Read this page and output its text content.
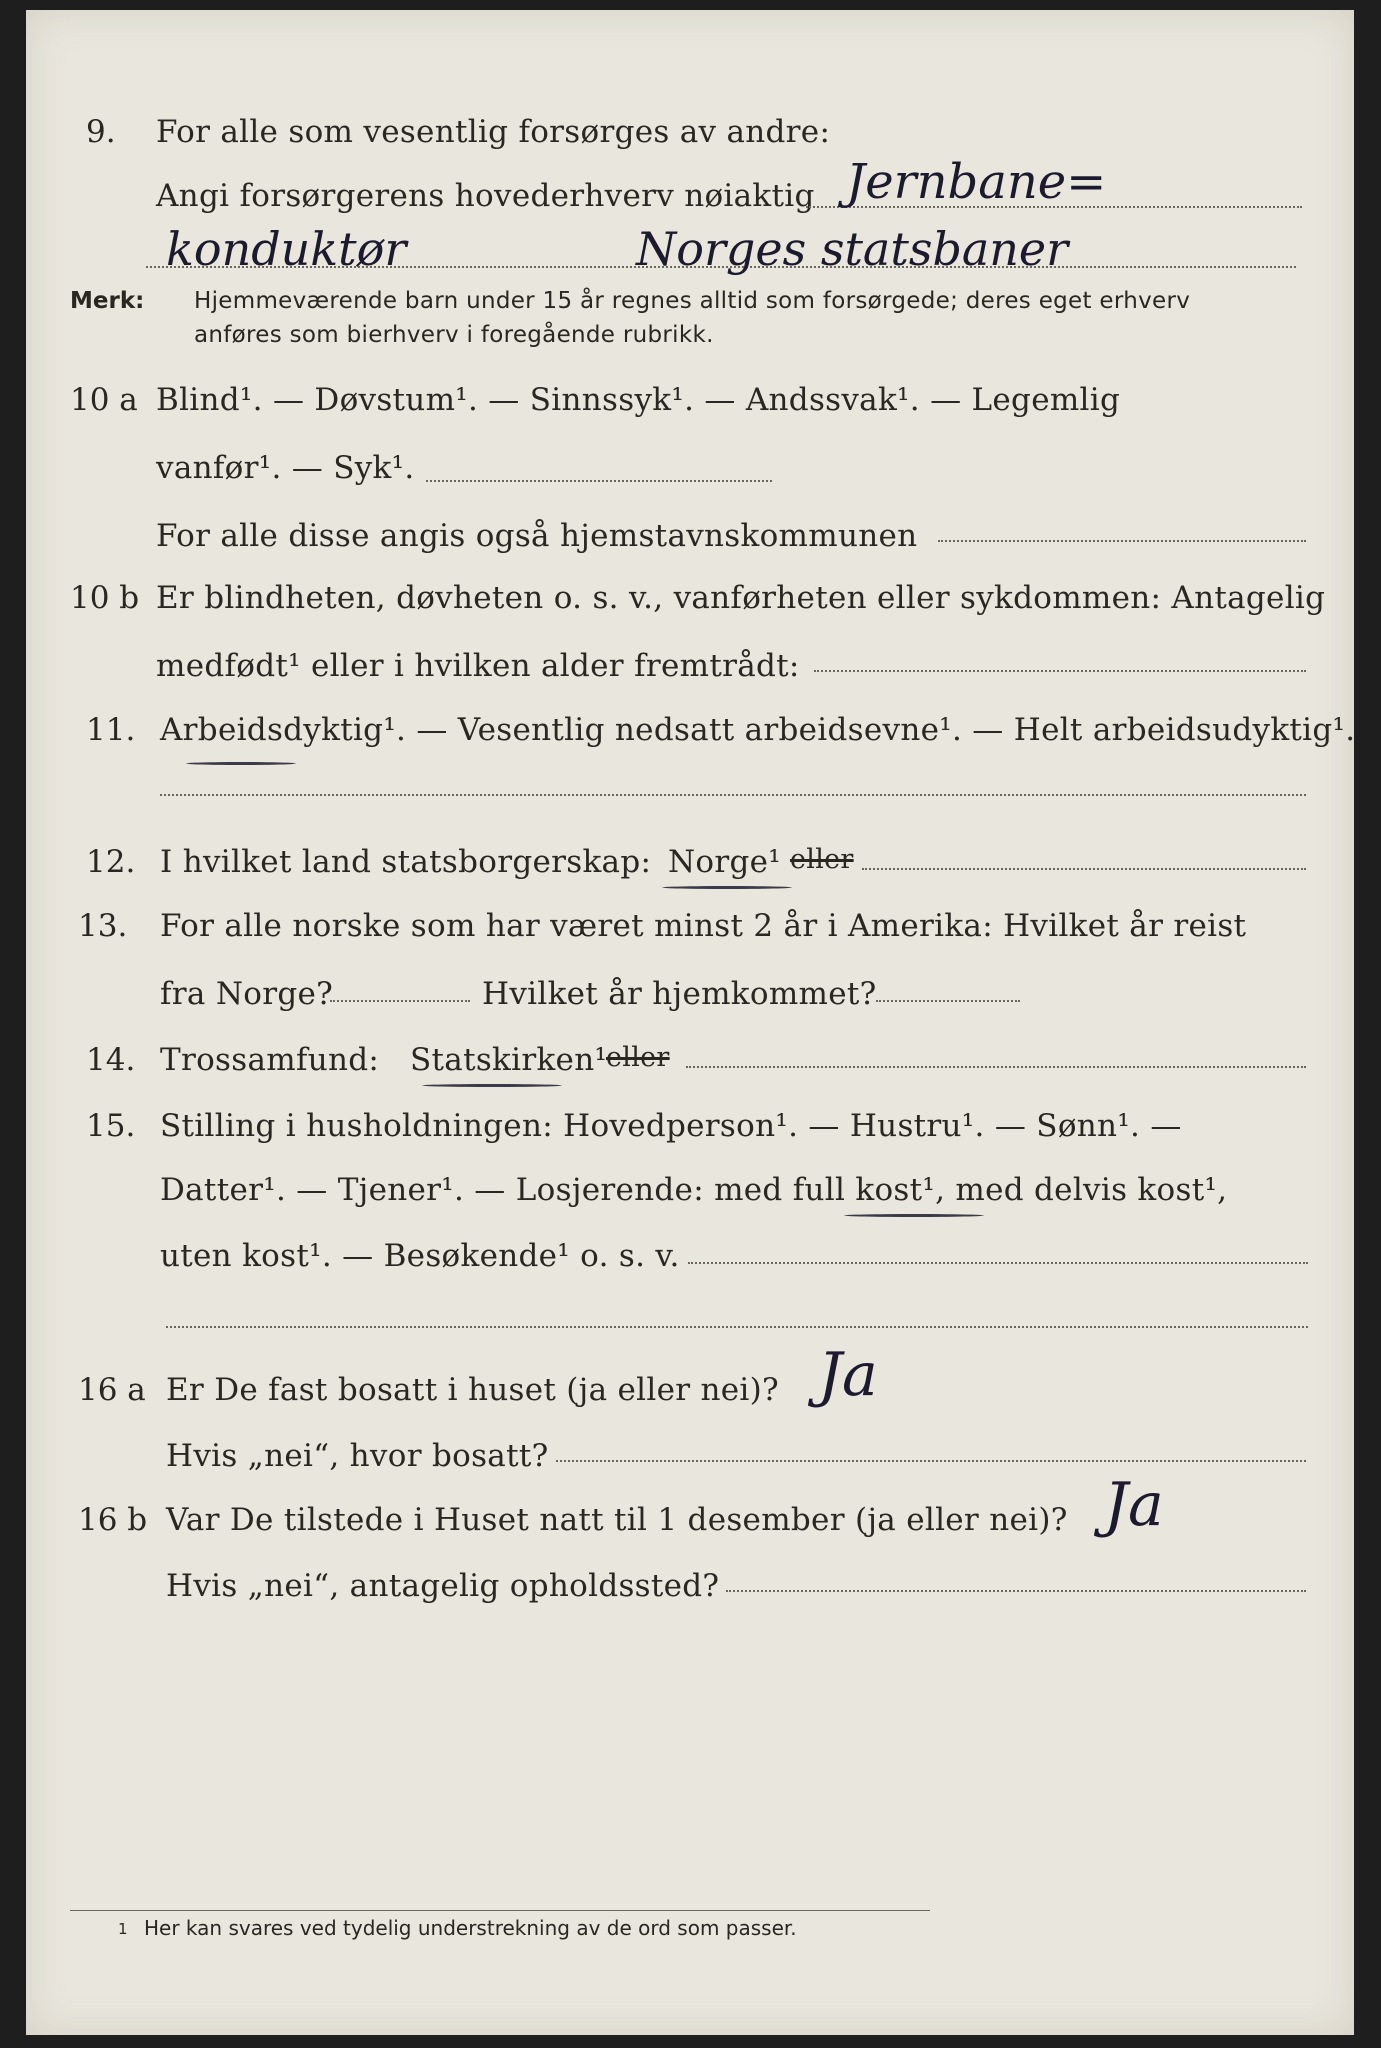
9. For alle som vesentlig forsørges av andre:
Angi forsørgerens hovederhverv nøiaktig Jernbane=
konduktør	Norges statsbaner
Merk: Hjemmeværende barn under 15 år regnes alltid som forsørgede; deres eget erhverv
anføres som bierhverv i foregående rubrikk.
10 a Blind¹. — Døvstum¹. — Sinnssyk¹. — Andssvak¹. — Legemlig
vanfør¹. — Syk¹.
For alle disse angis også hjemstavnskommunen
10 b Er blindheten, døvheten o. s. v., vanførheten eller sykdommen: Antagelig
medfødt¹ eller i hvilken alder fremtrådt:
11. Arbeidsdyktig¹. — Vesentlig nedsatt arbeidsevne¹. — Helt arbeidsudyktig¹.
12. I hvilket land statsborgerskap: Norge¹ eller
13. For alle norske som har været minst 2 år i Amerika: Hvilket år reist
fra Norge?	Hvilket år hjemkommet?
14. Trossamfund: Statskirken¹
eller
15. Stilling i husholdningen: Hovedperson¹. — Hustru¹. — Sønn¹. —
Datter¹. — Tjener¹. — Losjerende: med full kost¹, med delvis kost¹,
uten kost¹. — Besøkende¹ o. s. v.
16 a Er De fast bosatt i huset (ja eller nei)? Ja
Hvis „nei“, hvor bosatt?
16 b Var De tilstede i Huset natt til 1 desember (ja eller nei)? Ja
Hvis „nei“, antagelig opholdssted?
1 Her kan svares ved tydelig understrekning av de ord som passer.
